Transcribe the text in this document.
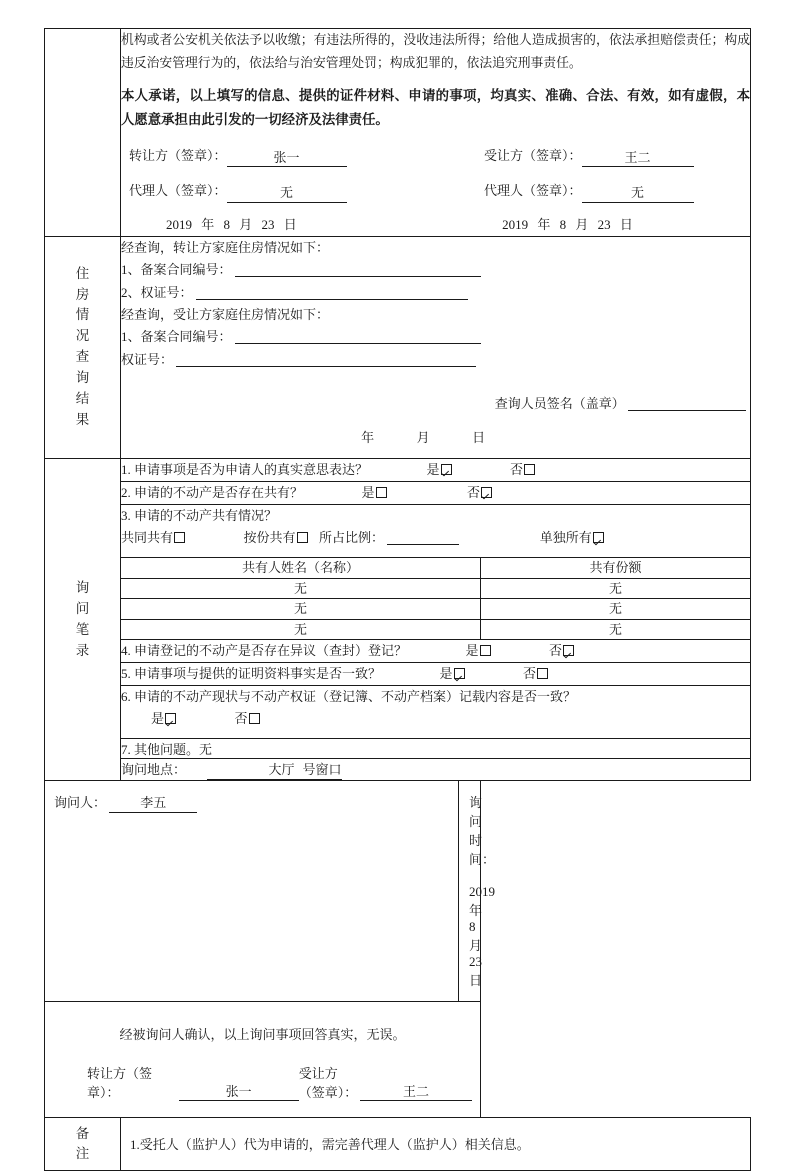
机构或者公安机关依法予以收缴；有违法所得的，没收违法所得；给他人造成损害的，依法承担赔偿责任；构成违反治安管理行为的，依法给与治安管理处罚；构成犯罪的，依法追究刑事责任。
本人承诺，以上填写的信息、提供的证件材料、申请的事项，均真实、准确、合法、有效，如有虚假，本人愿意承担由此引发的一切经济及法律责任。
转让方（签章）：	张一	受让方（签章）：	王二
代理人（签章）：	无	代理人（签章）：	无
2019 年 8 月 23 日	2019 年 8 月 23 日

住
房
情
况
查
询
结
果

经查询，转让方家庭住房情况如下：
1、备案合同编号：
2、权证号：
经查询，受让方家庭住房情况如下：
1、备案合同编号：
权证号：
查询人员签名（盖章）
年	月	日

询
问
笔
录	1. 申请事项是否为申请人的真实意思表达？ 是 否		
	2. 申请的不动产是否存在共有？ 是 否		

	3. 申请的不动产共有情况？
共同共有 按份共有 所占比例： 单独所有		

	共有人姓名（名称）		共有份额
	无		无
	无		无
	无		无
	4. 申请登记的不动产是否存在异议（查封）登记？ 是 否		
	5. 申请事项与提供的证明资料事实是否一致？ 是 否		

	6. 申请的不动产现状与不动产权证（登记簿、不动产档案）记载内容是否一致？
是 否		

	7. 其他问题。无		
	询问地点： 大厅 号窗口		
询问人： 李五		询问时间：  2019 年 8 月 23 日	

经被询问人确认，以上询问事项回答真实，无误。
转让方（签章）： 张一
受让方（签章）： 王二			

备
注	1.受托人（监护人）代为申请的，需完善代理人（监护人）相关信息。		
